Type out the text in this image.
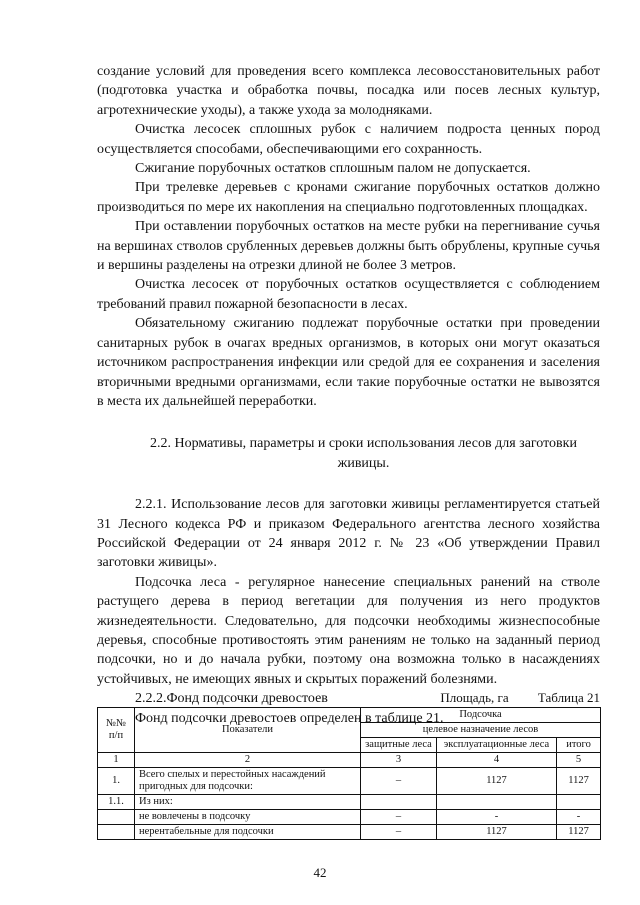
создание условий для проведения всего комплекса лесовосстановительных работ (подготовка участка и обработка почвы, посадка или посев лесных культур, агротехнические уходы), а также ухода за молодняками.

Очистка лесосек сплошных рубок с наличием подроста ценных пород осуществляется способами, обеспечивающими его сохранность.

Сжигание порубочных остатков сплошным палом не допускается.

При трелевке деревьев с кронами сжигание порубочных остатков должно производиться по мере их накопления на специально подготовленных площадках.

При оставлении порубочных остатков на месте рубки на перегнивание сучья на вершинах стволов срубленных деревьев должны быть обрублены, крупные сучья и вершины разделены на отрезки длиной не более 3 метров.

Очистка лесосек от порубочных остатков осуществляется с соблюдением требований правил пожарной безопасности в лесах.

Обязательному сжиганию подлежат порубочные остатки при проведении санитарных рубок в очагах вредных организмов, в которых они могут оказаться источником распространения инфекции или средой для ее сохранения и заселения вторичными вредными организмами, если такие порубочные остатки не вывозятся в места их дальнейшей переработки.

2.2. Нормативы, параметры и сроки использования лесов для заготовки живицы.

2.2.1. Использование лесов для заготовки живицы регламентируется статьей 31 Лесного кодекса РФ и приказом Федерального агентства лесного хозяйства Российской Федерации от 24 января 2012 г. № 23 «Об утверждении Правил заготовки живицы».

Подсочка леса - регулярное нанесение специальных ранений на стволе растущего дерева в период вегетации для получения из него продуктов жизнедеятельности. Следовательно, для подсочки необходимы жизнеспособные деревья, способные противостоять этим ранениям не только на заданный период подсочки, но и до начала рубки, поэтому она возможна только в насаждениях устойчивых, не имеющих явных и скрытых поражений болезнями.

2.2.2.Фонд подсочки древостоев

Фонд подсочки древостоев определен в таблице 21.

Площадь, га Таблица 21
№№ п/п	Показатели	Подсочка		
		целевое назначение лесов		
		защитные леса	эксплуатационные леса	итого
1	2	3	4	5
1.	Всего спелых и перестойных насаждений пригодных для подсочки:	–	1127	1127
1.1.	Из них:			
	не вовлечены в подсочку	–	-	-
	нерентабельные для подсочки	–	1127	1127
42
